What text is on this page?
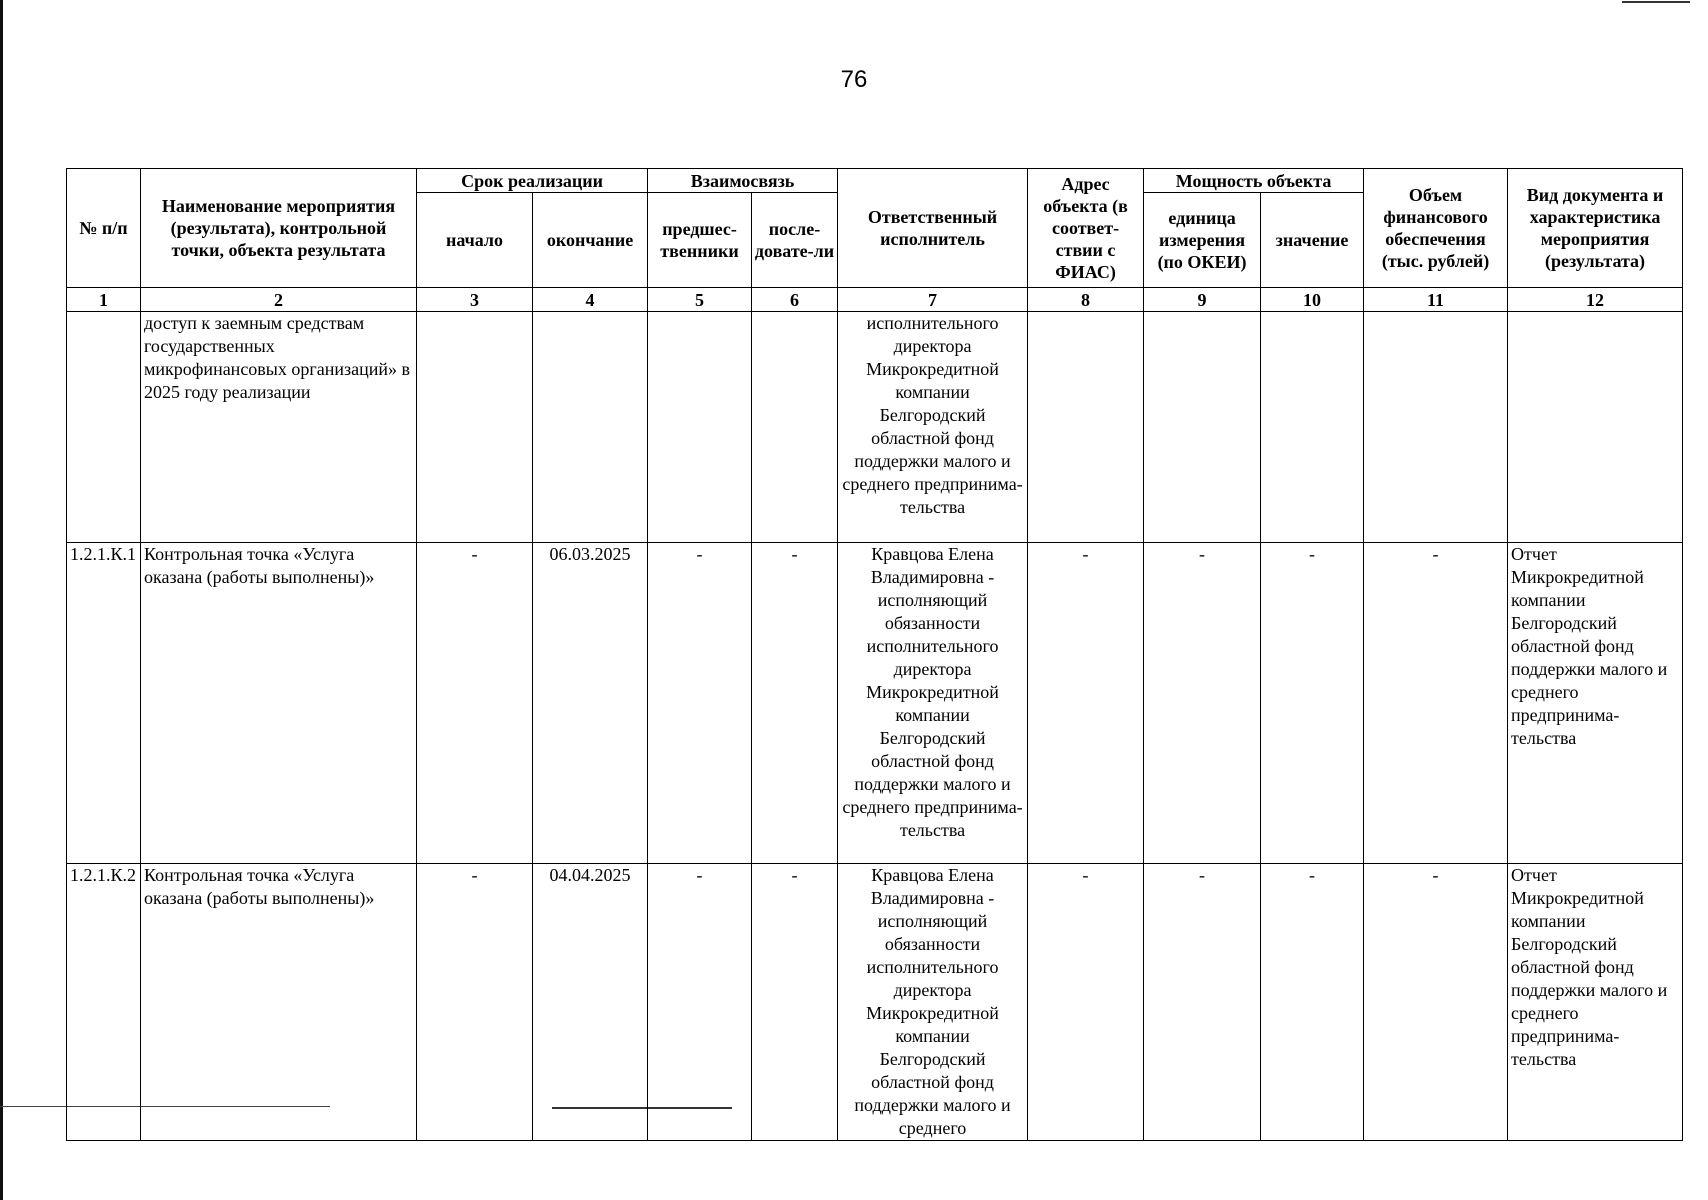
76
№ п/п	Наименование мероприятия (результата), контрольной точки, объекта результата	Срок реализации		Взаимосвязь		Ответственный исполнитель	Адрес объекта (в соответ-ствии с ФИАС)	Мощность объекта		Объем финансового обеспечения (тыс. рублей)	Вид документа и характеристика мероприятия (результата)
		начало	окончание	предшес-твенники	после-довате-ли			единица измерения (по ОКЕИ)	значение		
1	2	3	4	5	6	7	8	9	10	11	12
	доступ к заемным средствам государственных микрофинансовых организаций» в 2025 году реализации					исполнительного директора Микрокредитной компании Белгородский областной фонд поддержки малого и среднего предпринима-тельства					
1.2.1.К.1	Контрольная точка «Услуга оказана (работы выполнены)»	-	06.03.2025	-	-	Кравцова Елена Владимировна - исполняющий обязанности исполнительного директора Микрокредитной компании Белгородский областной фонд поддержки малого и среднего предпринима-тельства	-	-	-	-	Отчет Микрокредитной компании Белгородский областной фонд поддержки малого и среднего предпринима-тельства
1.2.1.К.2	Контрольная точка «Услуга оказана (работы выполнены)»	-	04.04.2025	-	-	Кравцова Елена Владимировна - исполняющий обязанности исполнительного директора Микрокредитной компании Белгородский областной фонд поддержки малого и среднего	-	-	-	-	Отчет Микрокредитной компании Белгородский областной фонд поддержки малого и среднего предпринима-тельства
